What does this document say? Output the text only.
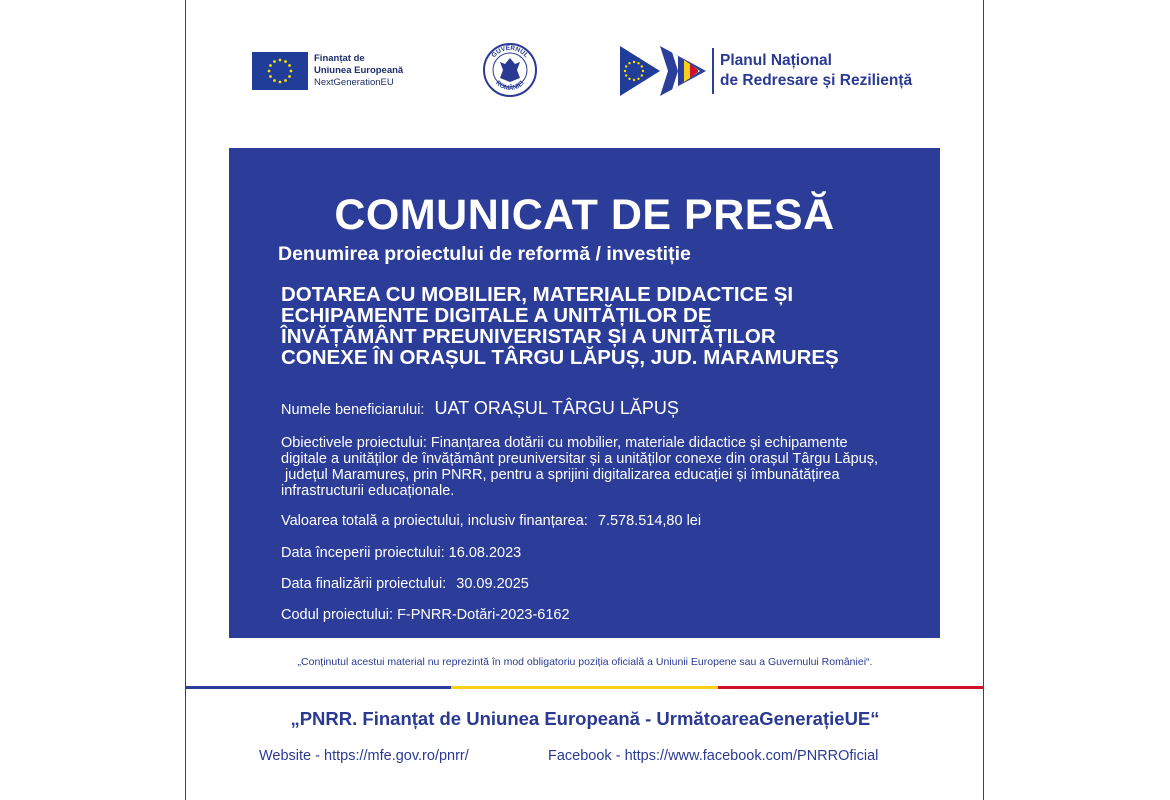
Finanțat de
Uniunea Europeană
NextGenerationEU
GUVERNUL
ROMÂNIEI
Planul Național
de Redresare și Reziliență
COMUNICAT DE PRESĂ
Denumirea proiectului de reformă / investiție
DOTAREA CU MOBILIER, MATERIALE DIDACTICE ȘI
ECHIPAMENTE DIGITALE A UNITĂȚILOR DE
ÎNVĂȚĂMÂNT PREUNIVERISTAR ȘI A UNITĂȚILOR
CONEXE ÎN ORAȘUL TÂRGU LĂPUȘ, JUD. MARAMUREȘ
Numele beneficiarului: UAT ORAȘUL TÂRGU LĂPUȘ
Obiectivele proiectului: Finanțarea dotării cu mobilier, materiale didactice și echipamente
digitale a unităților de învățământ preuniversitar și a unităților conexe din orașul Târgu Lăpuș,
județul Maramureș, prin PNRR, pentru a sprijini digitalizarea educației și îmbunătățirea
infrastructurii educaționale.
Valoarea totală a proiectului, inclusiv finanțarea: 7.578.514,80 lei
Data începerii proiectului: 16.08.2023
Data finalizării proiectului: 30.09.2025
Codul proiectului: F-PNRR-Dotări-2023-6162
„Conținutul acestui material nu reprezintă în mod obligatoriu poziția oficială a Uniunii Europene sau a Guvernului României“.
„PNRR. Finanțat de Uniunea Europeană - UrmătoareaGenerațieUE“
Website - https://mfe.gov.ro/pnrr/	Facebook - https://www.facebook.com/PNRROficial
